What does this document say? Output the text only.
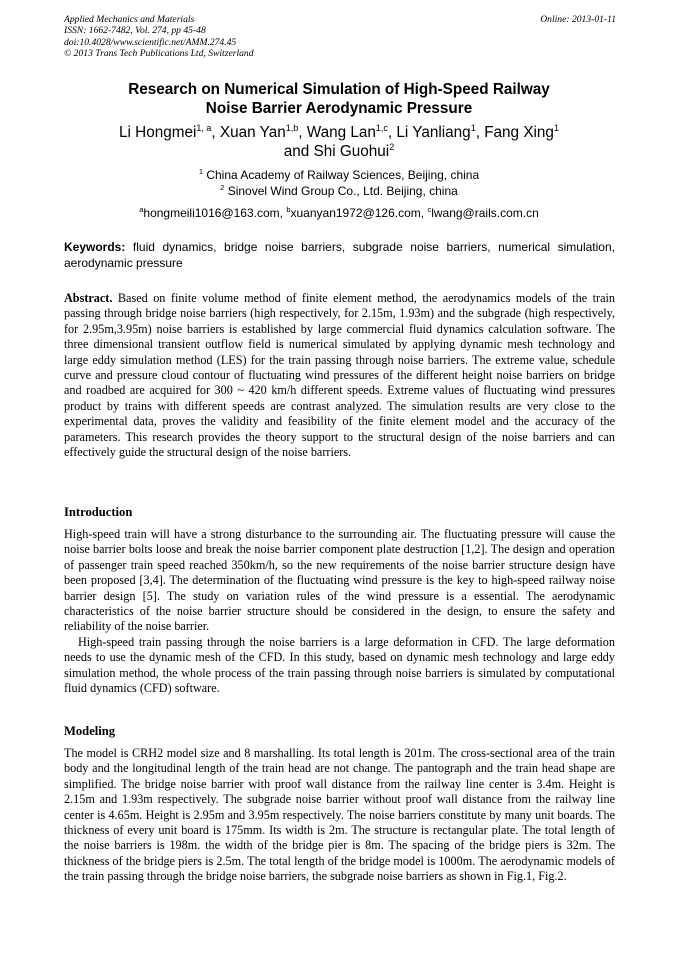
Applied Mechanics and Materials
ISSN: 1662-7482, Vol. 274, pp 45-48
doi:10.4028/www.scientific.net/AMM.274.45
© 2013 Trans Tech Publications Ltd, Switzerland
Online: 2013-01-11
Research on Numerical Simulation of High-Speed Railway
Noise Barrier Aerodynamic Pressure
Li Hongmei$^{1, a}$, Xuan Yan$^{1,b}$, Wang Lan$^{1,c}$, Li Yanliang$^1$, Fang Xing$^1$
and Shi Guohui$^2$
$^1$ China Academy of Railway Sciences, Beijing, china
$^2$ Sinovel Wind Group Co., Ltd. Beijing, china
$^a$hongmeili1016@163.com, $^b$xuanyan1972@126.com, $^c$lwang@rails.com.cn
Keywords: fluid dynamics, bridge noise barriers, subgrade noise barriers, numerical simulation, aerodynamic pressure

Abstract. Based on finite volume method of finite element method, the aerodynamics models of the train passing through bridge noise barriers (high respectively, for 2.15m, 1.93m) and the subgrade (high respectively, for 2.95m,3.95m) noise barriers is established by large commercial fluid dynamics calculation software. The three dimensional transient outflow field is numerical simulated by applying dynamic mesh technology and large eddy simulation method (LES) for the train passing through noise barriers. The extreme value, schedule curve and pressure cloud contour of fluctuating wind pressures of the different height noise barriers on bridge and roadbed are acquired for 300 ~ 420 km/h different speeds. Extreme values of fluctuating wind pressures product by trains with different speeds are contrast analyzed. The simulation results are very close to the experimental data, proves the validity and feasibility of the finite element model and the accuracy of the parameters. This research provides the theory support to the structural design of the noise barriers and can effectively guide the structural design of the noise barriers.

Introduction

High-speed train will have a strong disturbance to the surrounding air. The fluctuating pressure will cause the noise barrier bolts loose and break the noise barrier component plate destruction [1,2]. The design and operation of passenger train speed reached 350km/h, so the new requirements of the noise barrier structure design have been proposed [3,4]. The determination of the fluctuating wind pressure is the key to high-speed railway noise barrier design [5]. The study on variation rules of the wind pressure is a essential. The aerodynamic characteristics of the noise barrier structure should be considered in the design, to ensure the safety and reliability of the noise barrier.

High-speed train passing through the noise barriers is a large deformation in CFD. The large deformation needs to use the dynamic mesh of the CFD. In this study, based on dynamic mesh technology and large eddy simulation method, the whole process of the train passing through noise barriers is simulated by computational fluid dynamics (CFD) software.

Modeling

The model is CRH2 model size and 8 marshalling. Its total length is 201m. The cross-sectional area of the train body and the longitudinal length of the train head are not change. The pantograph and the train head shape are simplified. The bridge noise barrier with proof wall distance from the railway line center is 3.4m. Height is 2.15m and 1.93m respectively. The subgrade noise barrier without proof wall distance from the railway line center is 4.65m. Height is 2.95m and 3.95m respectively. The noise barriers constitute by many unit boards. The thickness of every unit board is 175mm. Its width is 2m. The structure is rectangular plate. The total length of the noise barriers is 198m. the width of the bridge pier is 8m. The spacing of the bridge piers is 32m. The thickness of the bridge piers is 2.5m. The total length of the bridge model is 1000m. The aerodynamic models of the train passing through the bridge noise barriers, the subgrade noise barriers as shown in Fig.1, Fig.2.
